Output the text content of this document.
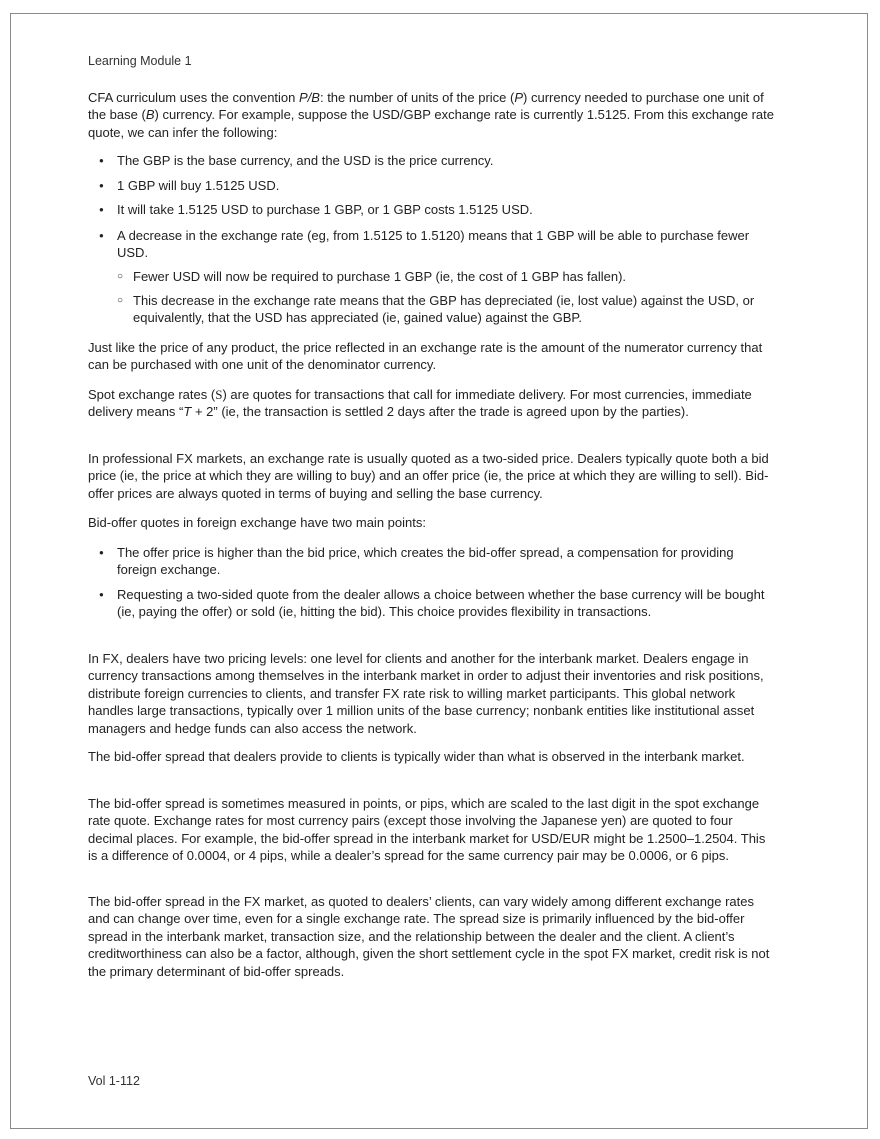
Learning Module 1

CFA curriculum uses the convention P/B: the number of units of the price (P) currency needed to purchase one unit of the base (B) currency. For example, suppose the USD/GBP exchange rate is currently 1.5125. From this exchange rate quote, we can infer the following:

● The GBP is the base currency, and the USD is the price currency.
● 1 GBP will buy 1.5125 USD.
● It will take 1.5125 USD to purchase 1 GBP, or 1 GBP costs 1.5125 USD.
● A decrease in the exchange rate (eg, from 1.5125 to 1.5120) means that 1 GBP will be able to purchase fewer USD.
○ Fewer USD will now be required to purchase 1 GBP (ie, the cost of 1 GBP has fallen).
○ This decrease in the exchange rate means that the GBP has depreciated (ie, lost value) against the USD, or equivalently, that the USD has appreciated (ie, gained value) against the GBP.

Just like the price of any product, the price reflected in an exchange rate is the amount of the numerator currency that can be purchased with one unit of the denominator currency.

Spot exchange rates (S) are quotes for transactions that call for immediate delivery. For most currencies, immediate delivery means “T + 2” (ie, the transaction is settled 2 days after the trade is agreed upon by the parties).

In professional FX markets, an exchange rate is usually quoted as a two-sided price. Dealers typically quote both a bid price (ie, the price at which they are willing to buy) and an offer price (ie, the price at which they are willing to sell). Bid-offer prices are always quoted in terms of buying and selling the base currency.

Bid-offer quotes in foreign exchange have two main points:

● The offer price is higher than the bid price, which creates the bid-offer spread, a compensation for providing foreign exchange.
● Requesting a two-sided quote from the dealer allows a choice between whether the base currency will be bought (ie, paying the offer) or sold (ie, hitting the bid). This choice provides flexibility in transactions.

In FX, dealers have two pricing levels: one level for clients and another for the interbank market. Dealers engage in currency transactions among themselves in the interbank market in order to adjust their inventories and risk positions, distribute foreign currencies to clients, and transfer FX rate risk to willing market participants. This global network handles large transactions, typically over 1 million units of the base currency; nonbank entities like institutional asset managers and hedge funds can also access the network.

The bid-offer spread that dealers provide to clients is typically wider than what is observed in the interbank market.

The bid-offer spread is sometimes measured in points, or pips, which are scaled to the last digit in the spot exchange rate quote. Exchange rates for most currency pairs (except those involving the Japanese yen) are quoted to four decimal places. For example, the bid-offer spread in the interbank market for USD/EUR might be 1.2500–1.2504. This is a difference of 0.0004, or 4 pips, while a dealer’s spread for the same currency pair may be 0.0006, or 6 pips.

The bid-offer spread in the FX market, as quoted to dealers’ clients, can vary widely among different exchange rates and can change over time, even for a single exchange rate. The spread size is primarily influenced by the bid-offer spread in the interbank market, transaction size, and the relationship between the dealer and the client. A client’s creditworthiness can also be a factor, although, given the short settlement cycle in the spot FX market, credit risk is not the primary determinant of bid-offer spreads.

Vol 1-112
